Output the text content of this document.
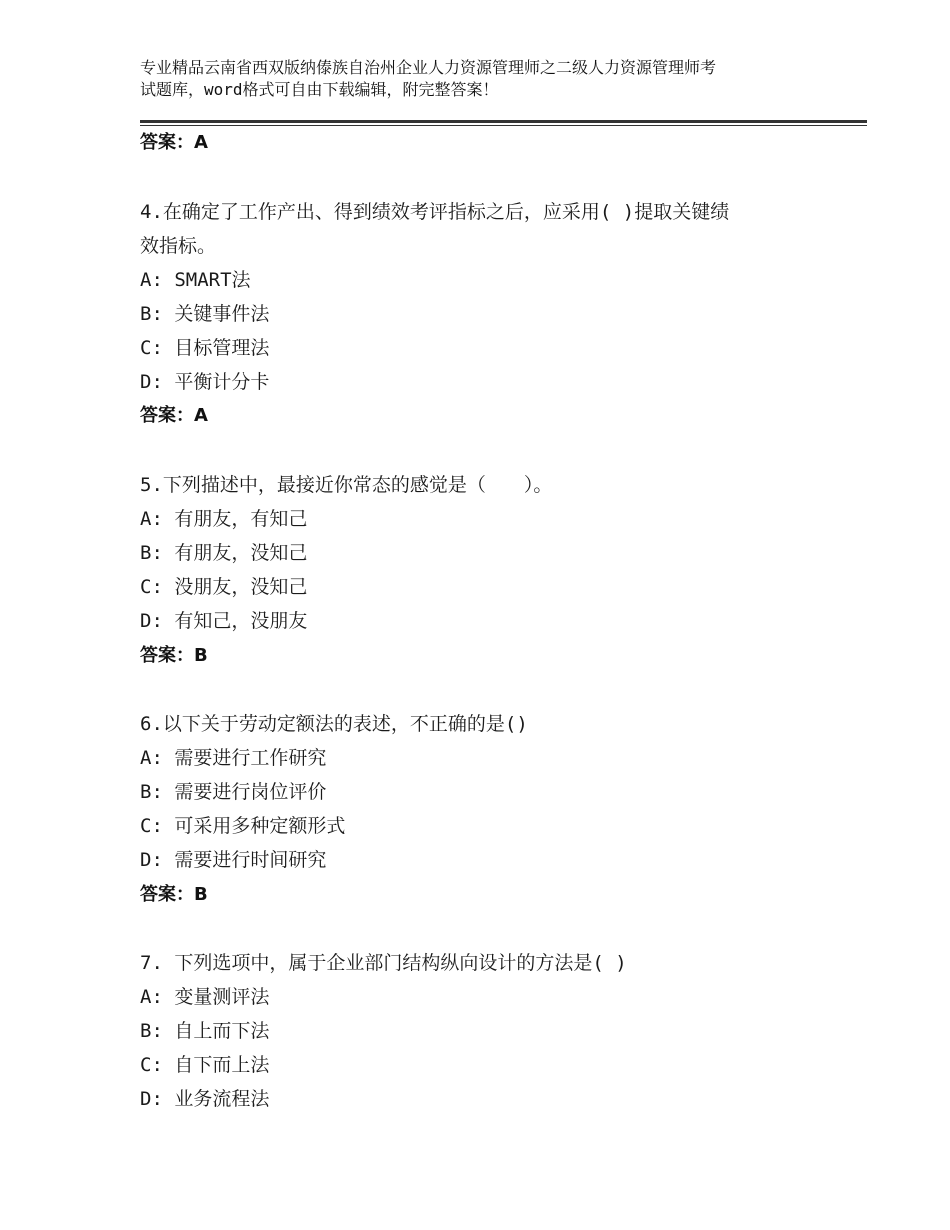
专业精品云南省西双版纳傣族自治州企业人力资源管理师之二级人力资源管理师考
试题库，word格式可自由下载编辑，附完整答案！
答案：A
4.在确定了工作产出、得到绩效考评指标之后，应采用( )提取关键绩
效指标。
A: SMART法
B: 关键事件法
C: 目标管理法
D: 平衡计分卡
答案：A
5.下列描述中，最接近你常态的感觉是（　　）。
A: 有朋友，有知己
B: 有朋友，没知己
C: 没朋友，没知己
D: 有知己，没朋友
答案：B
6.以下关于劳动定额法的表述，不正确的是()
A: 需要进行工作研究
B: 需要进行岗位评价
C: 可采用多种定额形式
D: 需要进行时间研究
答案：B
7. 下列选项中，属于企业部门结构纵向设计的方法是( )
A: 变量测评法
B: 自上而下法
C: 自下而上法
D: 业务流程法
